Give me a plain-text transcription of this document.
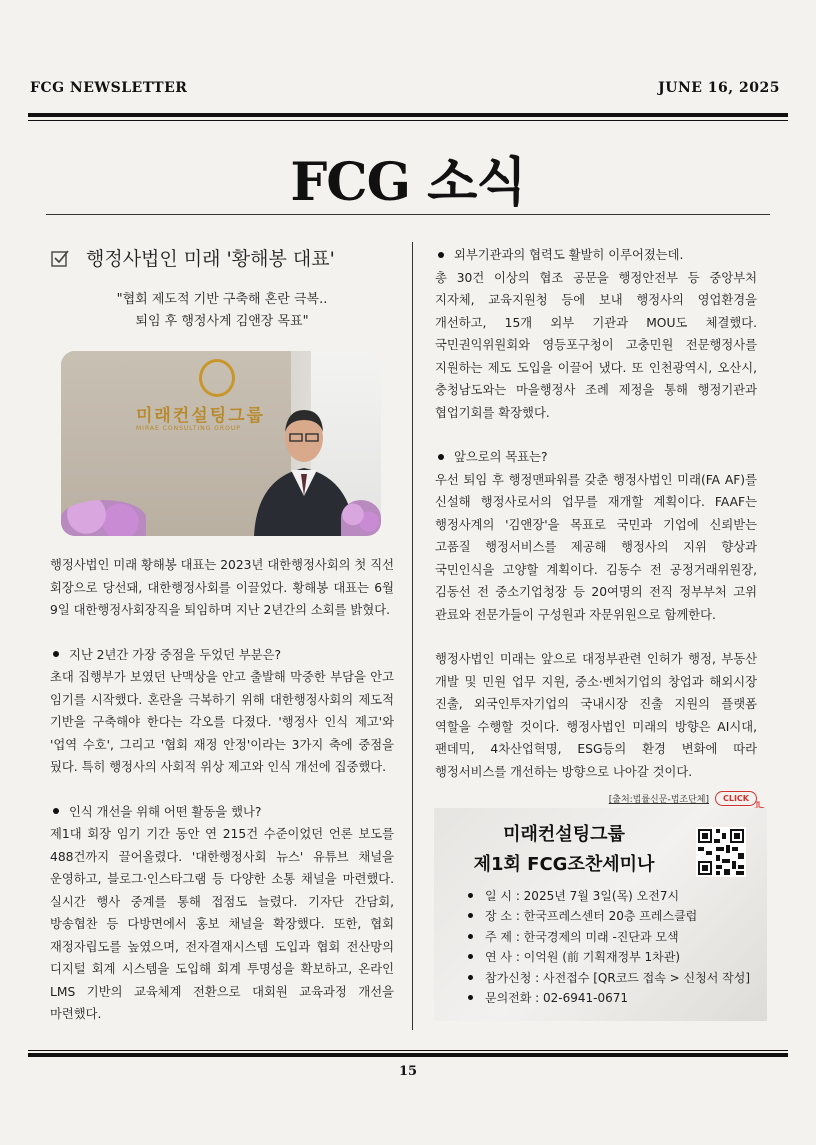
FCG NEWSLETTER	JUNE 16, 2025
FCG 소식
행정사법인 미래 '황해봉 대표'
"협회 제도적 기반 구축해 혼란 극복..
퇴임 후 행정사계 김앤장 목표"
미래컨설팅그룹
MIRAE CONSULTING GROUP
행정사법인 미래 황해봉 대표는 2023년 대한행정사회의 첫 직선 회장으로 당선돼, 대한행정사회를 이끌었다. 황해봉 대표는 6월 9일 대한행정사회장직을 퇴임하며 지난 2년간의 소회를 밝혔다.
지난 2년간 가장 중점을 두었던 부분은?
초대 집행부가 보였던 난맥상을 안고 출발해 막중한 부담을 안고 임기를 시작했다. 혼란을 극복하기 위해 대한행정사회의 제도적 기반을 구축해야 한다는 각오를 다졌다. '행정사 인식 제고'와 '업역 수호', 그리고 '협회 재정 안정'이라는 3가지 축에 중점을 뒀다. 특히 행정사의 사회적 위상 제고와 인식 개선에 집중했다.
인식 개선을 위해 어떤 활동을 했나?
제1대 회장 임기 기간 동안 연 215건 수준이었던 언론 보도를 488건까지 끌어올렸다. '대한행정사회 뉴스' 유튜브 채널을 운영하고, 블로그·인스타그램 등 다양한 소통 채널을 마련했다. 실시간 행사 중계를 통해 접점도 늘렸다. 기자단 간담회, 방송협찬 등 다방면에서 홍보 채널을 확장했다. 또한, 협회 재정자립도를 높였으며, 전자결재시스템 도입과 협회 전산망의 디지털 회계 시스템을 도입해 회계 투명성을 확보하고, 온라인 LMS 기반의 교육체계 전환으로 대회원 교육과정 개선을 마련했다.
외부기관과의 협력도 활발히 이루어졌는데.
총 30건 이상의 협조 공문을 행정안전부 등 중앙부처 지자체, 교육지원청 등에 보내 행정사의 영업환경을 개선하고, 15개 외부 기관과 MOU도 체결했다. 국민권익위원회와 영등포구청이 고충민원 전문행정사를 지원하는 제도 도입을 이끌어 냈다. 또 인천광역시, 오산시, 충청남도와는 마을행정사 조례 제정을 통해 행정기관과 협업기회를 확장했다.
앞으로의 목표는?
우선 퇴임 후 행정맨파워를 갖춘 행정사법인 미래(FA AF)를 신설해 행정사로서의 업무를 재개할 계획이다. FAAF는 행정사계의 '김앤장'을 목표로 국민과 기업에 신뢰받는 고품질 행정서비스를 제공해 행정사의 지위 향상과 국민인식을 고양할 계획이다. 김동수 전 공정거래위원장, 김동선 전 중소기업청장 등 20여명의 전직 정부부처 고위 관료와 전문가들이 구성원과 자문위원으로 함께한다.
행정사법인 미래는 앞으로 대정부관련 인허가 행정, 부동산 개발 및 민원 업무 지원, 중소·벤처기업의 창업과 해외시장 진출, 외국인투자기업의 국내시장 진출 지원의 플랫폼 역할을 수행할 것이다. 행정사법인 미래의 방향은 AI시대, 팬데믹, 4차산업혁명, ESG등의 환경 변화에 따라 행정서비스를 개선하는 방향으로 나아갈 것이다.
[출처:법률신문-법조단체]	CLICK
미래컨설팅그룹
제1회 FCG조찬세미나
일 시 : 2025년 7월 3일(목) 오전7시
장 소 : 한국프레스센터 20층 프레스클럽
주 제 : 한국경제의 미래 -진단과 모색
연 사 : 이억원 (前 기획재정부 1차관)
참가신청 : 사전접수 [QR코드 접속 > 신청서 작성]
문의전화 : 02-6941-0671
15
